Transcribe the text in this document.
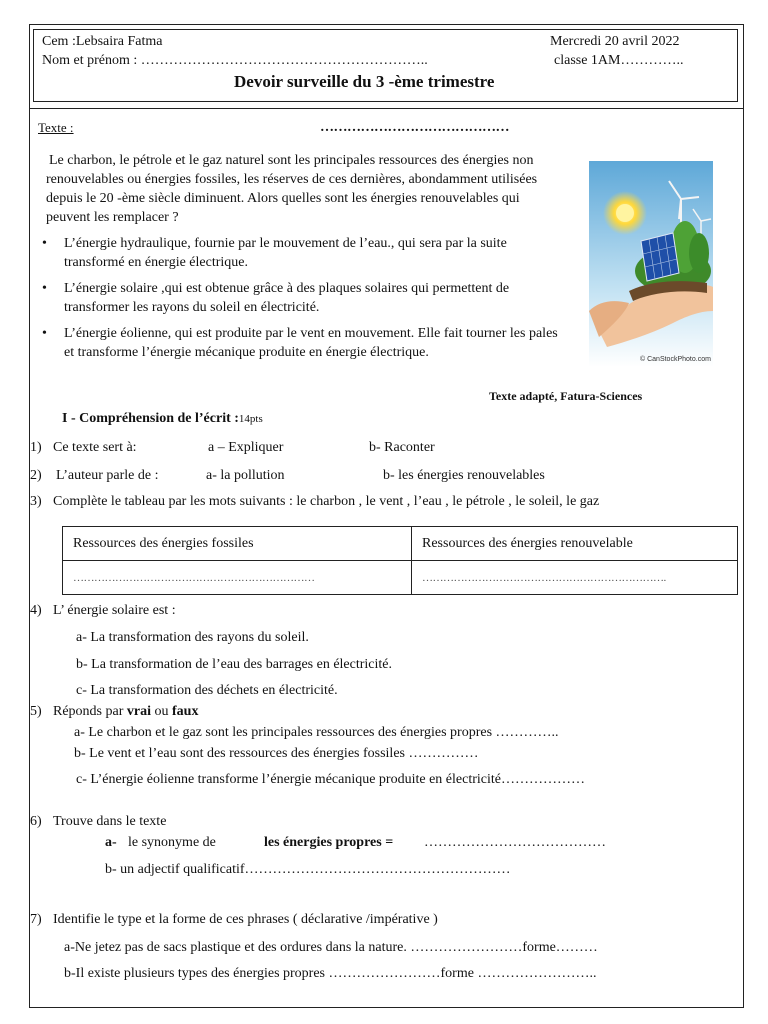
Cem :Lebsaira Fatma	Mercredi 20 avril 2022
Nom et prénom : ……………………………………………………..	classe 1AM…………..
Devoir surveille du 3 -ème trimestre
Texte :	……………………………………
Le charbon, le pétrole et le gaz naturel sont les principales ressources des énergies non renouvelables ou énergies fossiles, les réserves de ces dernières, abondamment utilisées depuis le 20 -ème siècle diminuent. Alors quelles sont les énergies renouvelables qui peuvent les remplacer ?
• L’énergie hydraulique, fournie par le mouvement de l’eau., qui sera par la suite transformé en énergie électrique.
• L’énergie solaire ,qui est obtenue grâce à des plaques solaires qui permettent de transformer les rayons du soleil en électricité.
• L’énergie éolienne, qui est produite par le vent en mouvement. Elle fait tourner les pales et transforme l’énergie mécanique produite en énergie électrique.	© CanStockPhoto.com
Texte adapté, Fatura-Sciences
I - Compréhension de l’écrit :14pts
1) Ce texte sert à:	a – Expliquer	b- Raconter
2) L’auteur parle de :	a- la pollution	b- les énergies renouvelables
3) Complète le tableau par les mots suivants : le charbon , le vent , l’eau , le pétrole , le soleil, le gaz
Ressources des énergies fossiles	Ressources des énergies renouvelable
……………………………………………………………	…………………………………………………………….
4) L’ énergie solaire est :
a- La transformation des rayons du soleil.
b- La transformation de l’eau des barrages en électricité.
c- La transformation des déchets en électricité.
5) Réponds par vrai ou faux
a- Le charbon et le gaz sont les principales ressources des énergies propres …………..
b- Le vent et l’eau sont des ressources des énergies fossiles ……………
c- L’énergie éolienne transforme l’énergie mécanique produite en électricité………………
6) Trouve dans le texte
a- le synonyme de	les énergies propres = …………………………………
b- un adjectif qualificatif…………………………………………………
7) Identifie le type et la forme de ces phrases ( déclarative /impérative )
a-Ne jetez pas de sacs plastique et des ordures dans la nature. ……………………forme………
b-Il existe plusieurs types des énergies propres ……………………forme ……………………..
